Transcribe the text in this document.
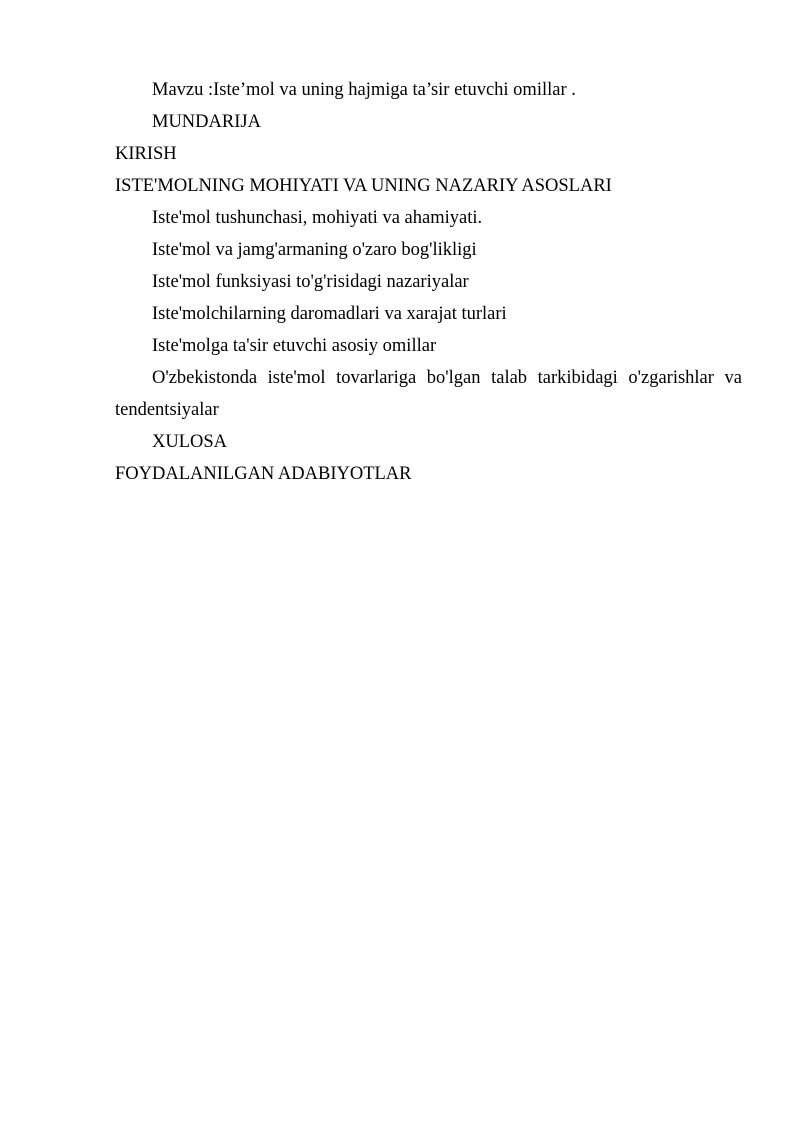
Mavzu :Iste’mol va uning hajmiga ta’sir etuvchi omillar .

MUNDARIJA

KIRISH

ISTE'MOLNING MOHIYATI VA UNING NAZARIY ASOSLARI

Iste'mol tushunchasi, mohiyati va ahamiyati.

Iste'mol va jamg'armaning o'zaro bog'likligi

Iste'mol funksiyasi to'g'risidagi nazariyalar

Iste'molchilarning daromadlari va xarajat turlari

Iste'molga ta'sir etuvchi asosiy omillar

O'zbekistonda iste'mol tovarlariga bo'lgan talab tarkibidagi o'zgarishlar va tendentsiyalar

XULOSA

FOYDALANILGAN ADABIYOTLAR
